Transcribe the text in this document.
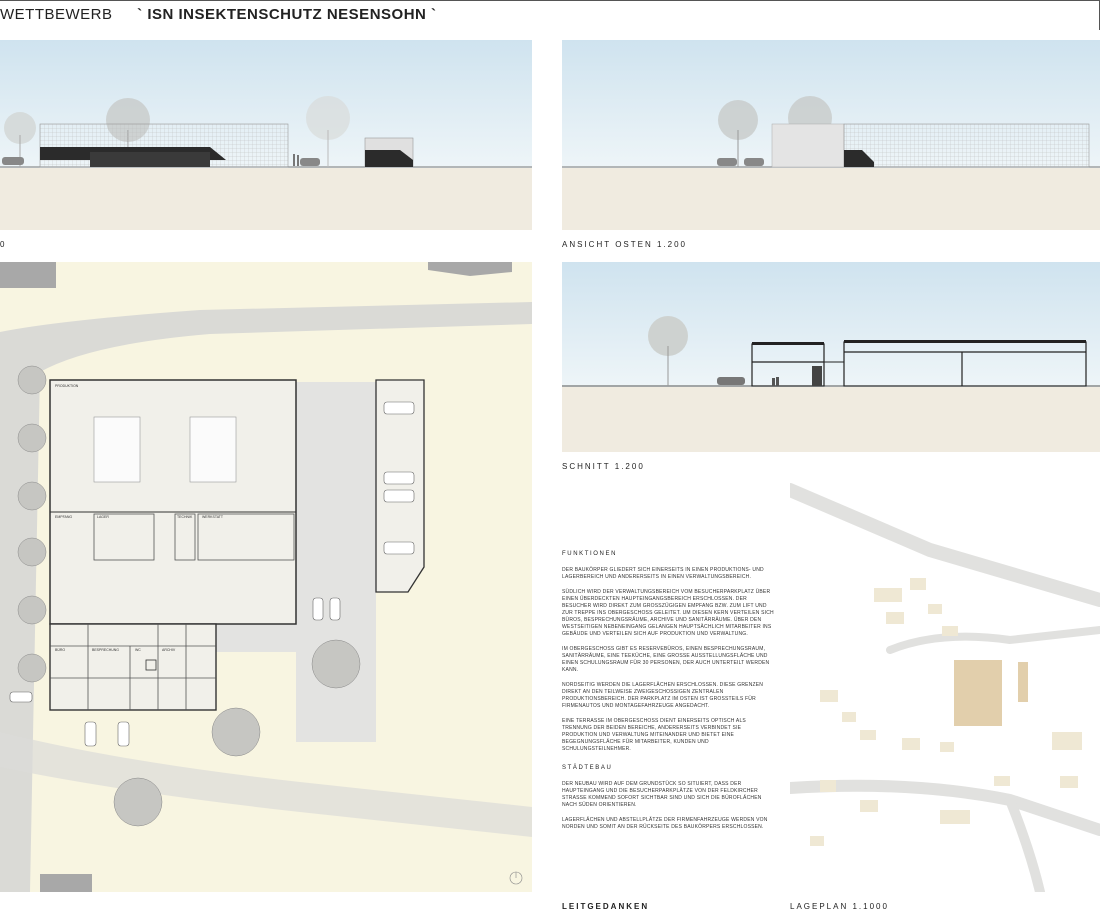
WETTBEWERB ` ISN INSEKTENSCHUTZ NESENSOHN `
0	ANSICHT OSTEN 1.200
SCHNITT 1.200
PRODUKTION
EMPFANG	LAGER	TECHNIK	WERKSTATT
BÜRO	BESPRECHUNG	WC	ARCHIV
FUNKTIONEN

DER BAUKÖRPER GLIEDERT SICH EINERSEITS IN EINEN PRODUKTIONS- UND LAGERBEREICH UND ANDERERSEITS IN EINEN VERWALTUNGSBEREICH.

SÜDLICH WIRD DER VERWALTUNGSBEREICH VOM BESUCHERPARKPLATZ ÜBER EINEN ÜBERDECKTEN HAUPTEINGANGSBEREICH ERSCHLOSSEN. DER BESUCHER WIRD DIREKT ZUM GROSSZÜGIGEN EMPFANG BZW. ZUM LIFT UND ZUR TREPPE INS OBERGESCHOSS GELEITET. UM DIESEN KERN VERTEILEN SICH BÜROS, BESPRECHUNGSRÄUME, ARCHIVE UND SANITÄRRÄUME. ÜBER DEN WESTSEITIGEN NEBENEINGANG GELANGEN HAUPTSÄCHLICH MITARBEITER INS GEBÄUDE UND VERTEILEN SICH AUF PRODUKTION UND VERWALTUNG.

IM OBERGESCHOSS GIBT ES RESERVEBÜROS, EINEN BESPRECHUNGSRAUM, SANITÄRRÄUME, EINE TEEKÜCHE, EINE GROSSE AUSSTELLUNGSFLÄCHE UND EINEN SCHULUNGSRAUM FÜR 30 PERSONEN, DER AUCH UNTERTEILT WERDEN KANN.

NORDSEITIG WERDEN DIE LAGERFLÄCHEN ERSCHLOSSEN. DIESE GRENZEN DIREKT AN DEN TEILWEISE ZWEIGESCHOSSIGEN ZENTRALEN PRODUKTIONSBEREICH. DER PARKPLATZ IM OSTEN IST GROSSTEILS FÜR FIRMENAUTOS UND MONTAGEFAHRZEUGE ANGEDACHT.

EINE TERRASSE IM OBERGESCHOSS DIENT EINERSEITS OPTISCH ALS TRENNUNG DER BEIDEN BEREICHE, ANDERERSEITS VERBINDET SIE PRODUKTION UND VERWALTUNG MITEINANDER UND BIETET EINE BEGEGNUNGSFLÄCHE FÜR MITARBEITER, KUNDEN UND SCHULUNGSTEILNEHMER.

STÄDTEBAU

DER NEUBAU WIRD AUF DEM GRUNDSTÜCK SO SITUIERT, DASS DER HAUPTEINGANG UND DIE BESUCHERPARKPLÄTZE VON DER FELDKIRCHER STRASSE KOMMEND SOFORT SICHTBAR SIND UND SICH DIE BÜROFLÄCHEN NACH SÜDEN ORIENTIEREN.

LAGERFLÄCHEN UND ABSTELLPLÄTZE DER FIRMENFAHRZEUGE WERDEN VON NORDEN UND SOMIT AN DER RÜCKSEITE DES BAUKÖRPERS ERSCHLOSSEN.

LEITGEDANKEN	LAGEPLAN 1.1000
